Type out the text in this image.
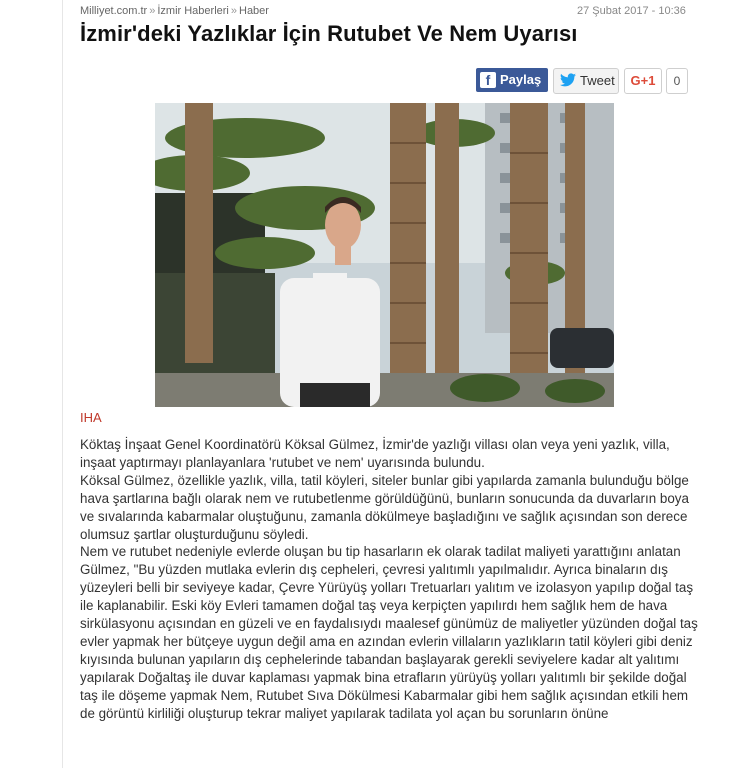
Milliyet.com.tr » İzmir Haberleri » Haber	27 Şubat 2017 - 10:36
İzmir'deki Yazlıklar İçin Rutubet Ve Nem Uyarısı
f Paylaş	Tweet	G+1	0
IHA

Köktaş İnşaat Genel Koordinatörü Köksal Gülmez, İzmir'de yazlığı villası olan veya yeni yazlık, villa, inşaat yaptırmayı planlayanlara 'rutubet ve nem' uyarısında bulundu.

Köksal Gülmez, özellikle yazlık, villa, tatil köyleri, siteler bunlar gibi yapılarda zamanla bulunduğu bölge hava şartlarına bağlı olarak nem ve rutubetlenme görüldüğünü, bunların sonucunda da duvarların boya ve sıvalarında kabarmalar oluştuğunu, zamanla dökülmeye başladığını ve sağlık açısından son derece olumsuz şartlar oluşturduğunu söyledi.

Nem ve rutubet nedeniyle evlerde oluşan bu tip hasarların ek olarak tadilat maliyeti yarattığını anlatan Gülmez, "Bu yüzden mutlaka evlerin dış cepheleri, çevresi yalıtımlı yapılmalıdır. Ayrıca binaların dış yüzeyleri belli bir seviyeye kadar, Çevre Yürüyüş yolları Tretuarları yalıtım ve izolasyon yapılıp doğal taş ile kaplanabilir. Eski köy Evleri tamamen doğal taş veya kerpiçten yapılırdı hem sağlık hem de hava sirkülasyonu açısından en güzeli ve en faydalısıydı maalesef günümüz de maliyetler yüzünden doğal taş evler yapmak her bütçeye uygun değil ama en azından evlerin villaların yazlıkların tatil köyleri gibi deniz kıyısında bulunan yapıların dış cephelerinde tabandan başlayarak gerekli seviyelere kadar alt yalıtımı yapılarak Doğaltaş ile duvar kaplaması yapmak bina etrafların yürüyüş yolları yalıtımlı bir şekilde doğal taş ile döşeme yapmak Nem, Rutubet Sıva Dökülmesi Kabarmalar gibi hem sağlık açısından etkili hem de görüntü kirliliği oluşturup tekrar maliyet yapılarak tadilata yol açan bu sorunların önüne
